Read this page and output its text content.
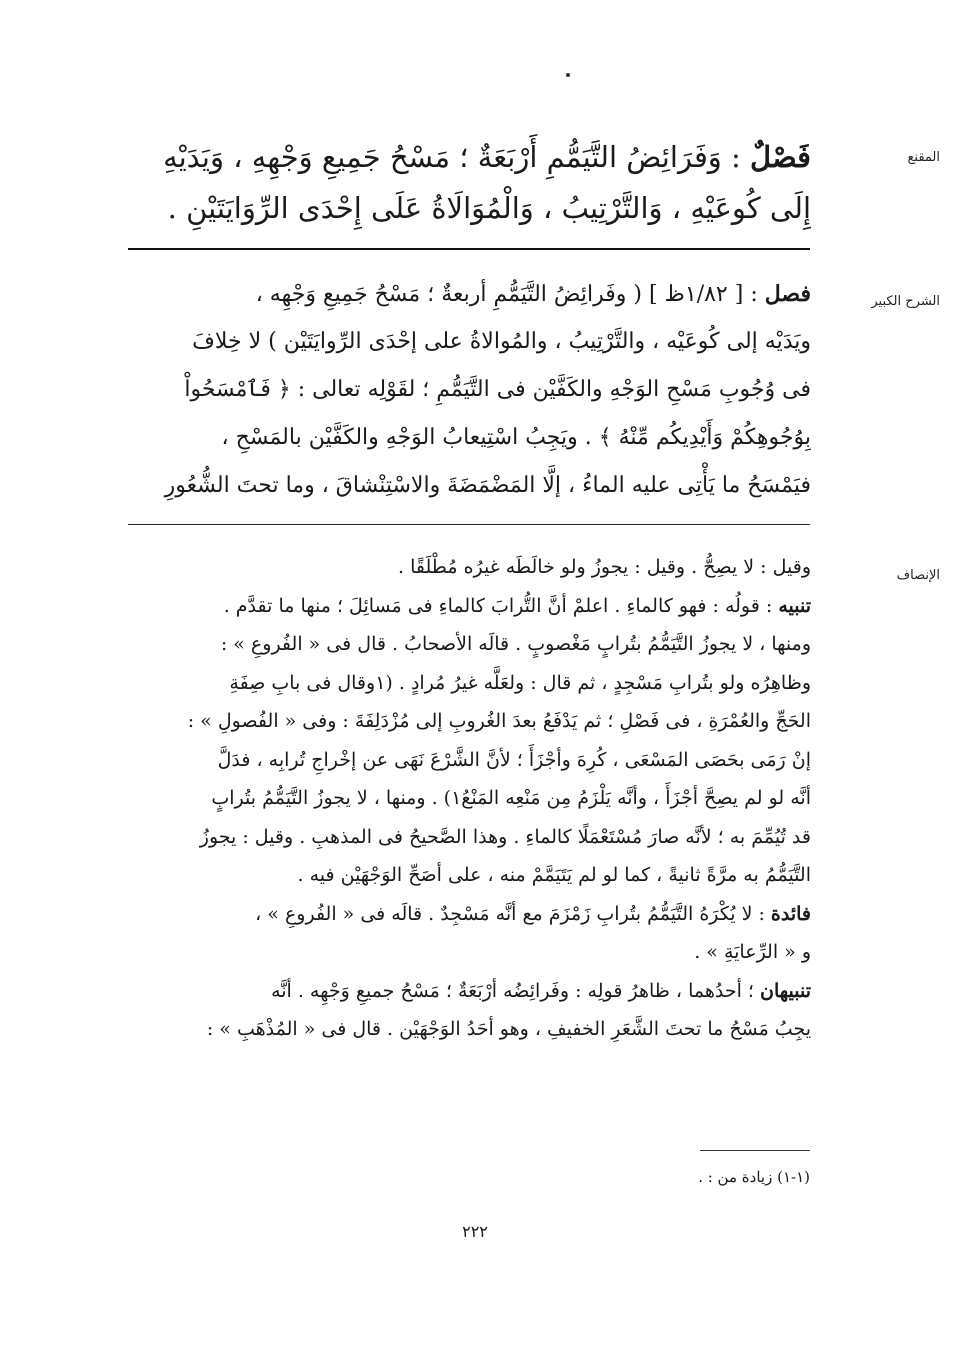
المقنع
فَصْلٌ : وَفَرَائِضُ التَّيَمُّمِ أَرْبَعَةٌ ؛ مَسْحُ جَمِيعِ وَجْهِهِ ، وَيَدَيْهِ
إِلَى كُوعَيْهِ ، وَالتَّرْتِيبُ ، وَالْمُوَالَاةُ عَلَى إِحْدَى الرِّوَايَتَيْنِ .
الشرح الكبير
فصل : [ ١/٨٢ظ ] ( وفَرائِضُ التَّيَمُّمِ أربعةٌ ؛ مَسْحُ جَمِيعِ وَجْهِه ،
ويَدَيْه إلى كُوعَيْه ، والتَّرْتِيبُ ، والمُوالاةُ على إحْدَى الرِّوايَتَيْن ) لا خِلافَ
فى وُجُوبِ مَسْحِ الوَجْهِ والكَفَّيْن فى التَّيَمُّمِ ؛ لقَوْلِه تعالى : ﴿ فَٱمْسَحُواْ
بِوُجُوهِكُمْ وَأَيْدِيكُم مِّنْهُ ﴾ . ويَجِبُ اسْتِيعابُ الوَجْهِ والكَفَّيْن بالمَسْحِ ،
فيَمْسَحُ ما يَأْتِى عليه الماءُ ، إلَّا المَضْمَضَةَ والاسْتِنْشاقَ ، وما تحتَ الشُّعُورِ
الإنصاف
وقيل : لا يصِحُّ . وقيل : يجوزُ ولو خالَطَه غيرُه مُطْلَقًا .
تنبيه : قولُه : فهو كالماءِ . اعلمْ أنَّ التُّرابَ كالماءِ فى مَسائِلَ ؛ منها ما تقدَّم .
ومنها ، لا يجوزُ التَّيَمُّمُ بتُرابٍ مَغْصوبٍ . قالَه الأصحابُ . قال فى « الفُروعِ » :
وظاهِرُه ولو بتُرابِ مَسْجِدٍ ، ثم قال : ولعَلَّه غيرُ مُرادٍ . (١وقال فى بابِ صِفَةِ
الحَجِّ والعُمْرَةِ ، فى فَصْلِ ؛ ثم يَدْفَعُ بعدَ الغُروبِ إلى مُزْدَلِفَةَ : وفى « الفُصولِ » :
إنْ رَمَى بحَصَى المَسْعَى ، كُرِهَ وأجْزَأَ ؛ لأنَّ الشَّرْعَ نَهَى عن إخْراجِ تُرابِه ، فدَلَّ
أنَّه لو لم يصِحَّ أجْزَأَ ، وأنَّه يَلْزَمُ مِن مَنْعِه المَنْعُ١) . ومنها ، لا يجوزُ التَّيَمُّمُ بتُرابٍ
قد تُيُمِّمَ به ؛ لأنَّه صارَ مُسْتَعْمَلًا كالماءِ . وهذا الصَّحيحُ فى المذهبِ . وقيل : يجوزُ
التَّيَمُّمُ به مرَّةً ثانيةً ، كما لو لم يَتَيَمَّمْ منه ، على أصَحِّ الوَجْهَيْن فيه .
فائدة : لا يُكْرَهُ التَّيَمُّمُ بتُرابِ زَمْزَمَ مع أنَّه مَسْجِدٌ . قالَه فى « الفُروعِ » ،
و « الرِّعايَةِ » .
تنبيهان ؛ أحدُهما ، ظاهرُ قولِه : وفَرائِضُه أرْبَعَةٌ ؛ مَسْحُ جميعِ وَجْهِه . أنَّه
يجِبُ مَسْحُ ما تحتَ الشَّعَرِ الخفيفِ ، وهو أحَدُ الوَجْهَيْن . قال فى « المُذْهَبِ » :
(١-١) زيادة من : .
٢٢٢
